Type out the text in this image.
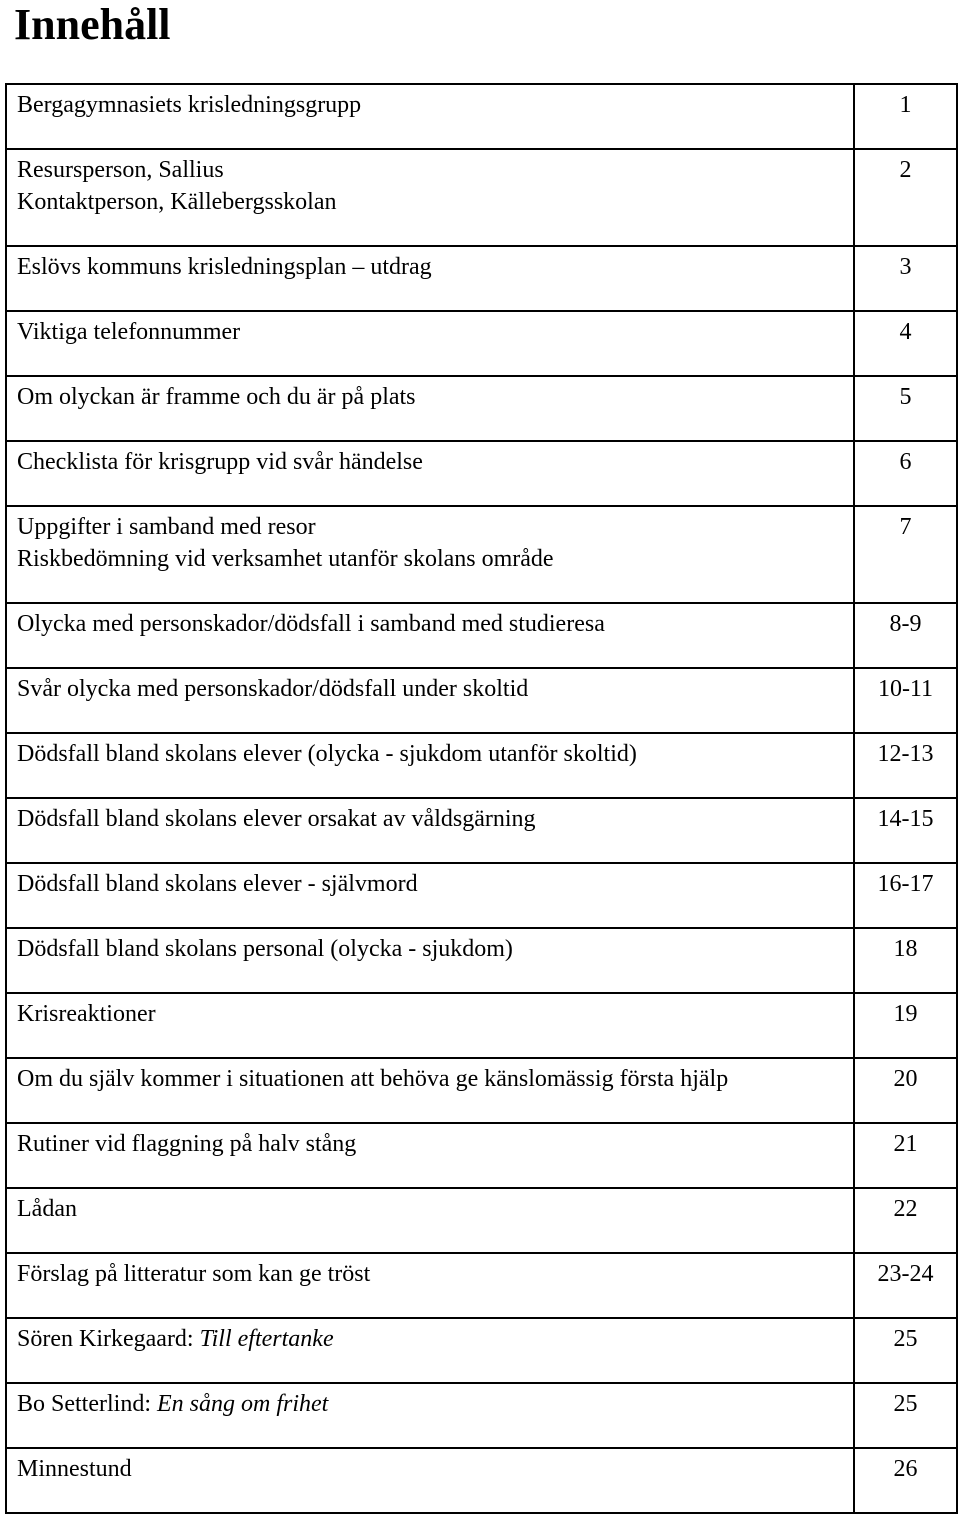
Innehåll
Bergagymnasiets krisledningsgrupp	1

Resursperson, Sallius
Kontaktperson, Källebergsskolan	2

Eslövs kommuns krisledningsplan – utdrag	3

Viktiga telefonnummer	4

Om olyckan är framme och du är på plats	5

Checklista för krisgrupp vid svår händelse	6

Uppgifter i samband med resor
Riskbedömning vid verksamhet utanför skolans område	7

Olycka med personskador/dödsfall i samband med studieresa	8-9

Svår olycka med personskador/dödsfall under skoltid	10-11

Dödsfall bland skolans elever (olycka - sjukdom utanför skoltid)	12-13

Dödsfall bland skolans elever orsakat av våldsgärning	14-15

Dödsfall bland skolans elever - självmord	16-17

Dödsfall bland skolans personal (olycka - sjukdom)	18

Krisreaktioner	19

Om du själv kommer i situationen att behöva ge känslomässig första hjälp	20

Rutiner vid flaggning på halv stång	21

Lådan	22

Förslag på litteratur som kan ge tröst	23-24
Sören Kirkegaard: Till eftertanke	25
Bo Setterlind: En sång om frihet	25

Minnestund	26
